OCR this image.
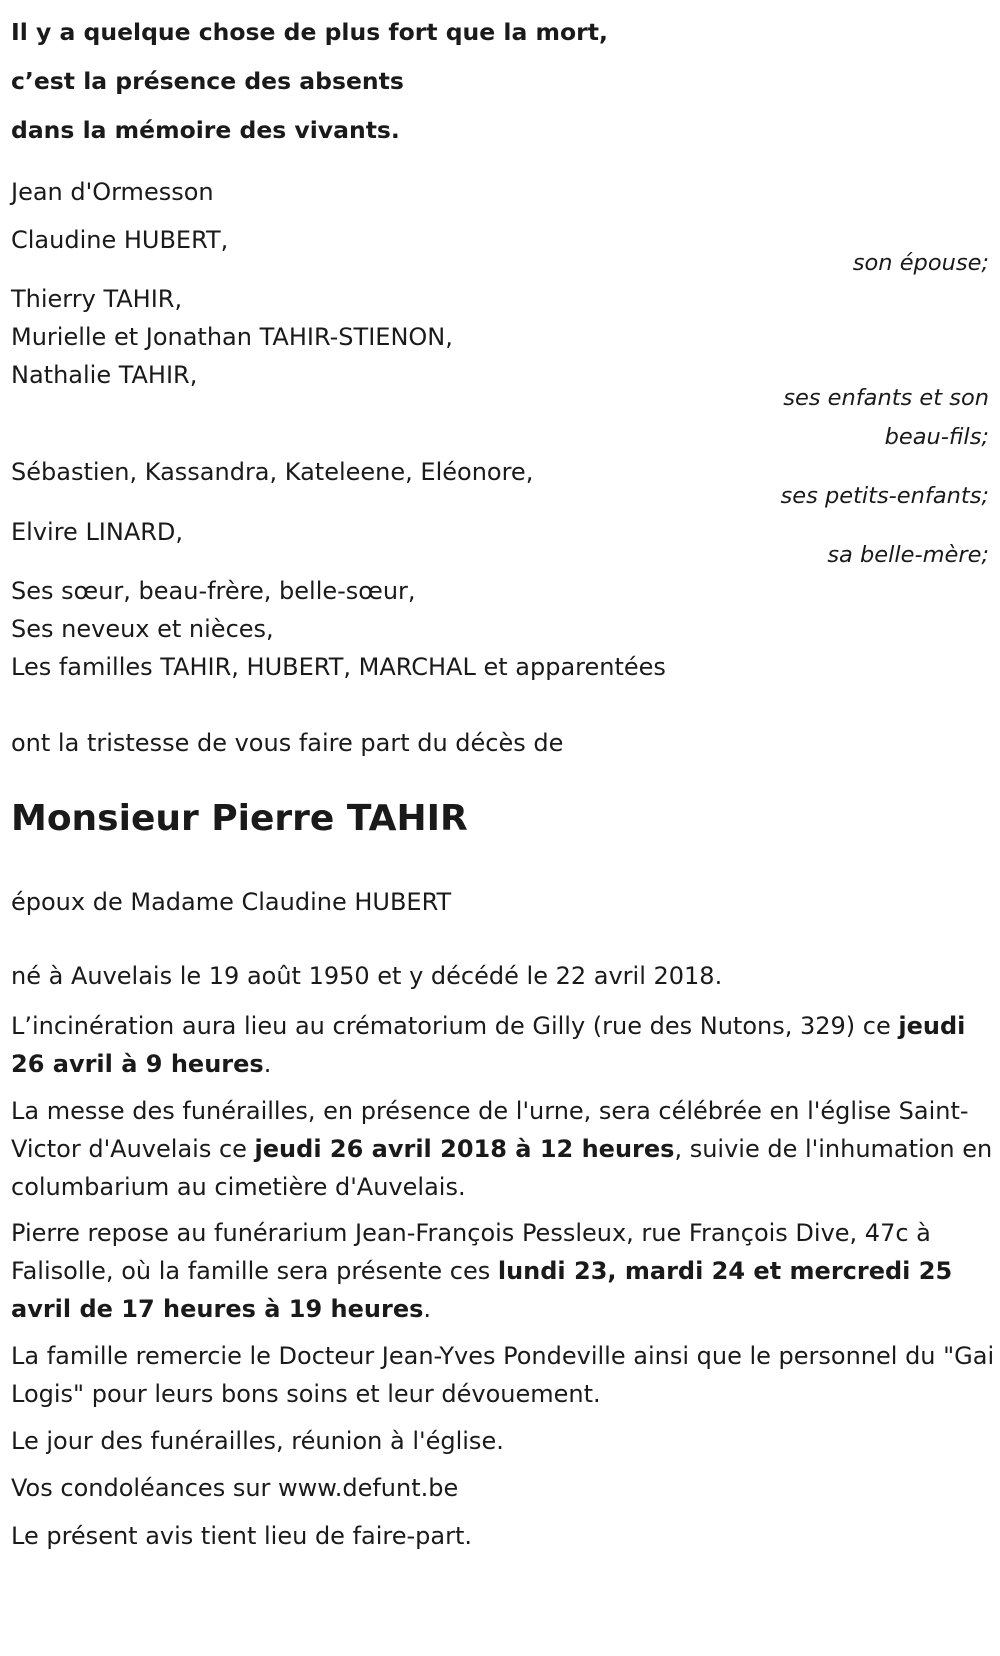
Il y a quelque chose de plus fort que la mort,
c’est la présence des absents
dans la mémoire des vivants.
Jean d'Ormesson
Claudine HUBERT,
son épouse;
Thierry TAHIR,
Murielle et Jonathan TAHIR-STIENON,
Nathalie TAHIR,
ses enfants et son
beau-fils;
Sébastien, Kassandra, Kateleene, Eléonore,
ses petits-enfants;
Elvire LINARD,
sa belle-mère;
Ses sœur, beau-frère, belle-sœur,
Ses neveux et nièces,
Les familles TAHIR, HUBERT, MARCHAL et apparentées
ont la tristesse de vous faire part du décès de
Monsieur Pierre TAHIR
époux de Madame Claudine HUBERT
né à Auvelais le 19 août 1950 et y décédé le 22 avril 2018.
L’incinération aura lieu au crématorium de Gilly (rue des Nutons, 329) ce jeudi 26 avril à 9 heures.
La messe des funérailles, en présence de l'urne, sera célébrée en l'église Saint-Victor d'Auvelais ce jeudi 26 avril 2018 à 12 heures, suivie de l'inhumation en columbarium au cimetière d'Auvelais.
Pierre repose au funérarium Jean-François Pessleux, rue François Dive, 47c à Falisolle, où la famille sera présente ces lundi 23, mardi 24 et mercredi 25 avril de 17 heures à 19 heures.
La famille remercie le Docteur Jean-Yves Pondeville ainsi que le personnel du "Gai Logis" pour leurs bons soins et leur dévouement.
Le jour des funérailles, réunion à l'église.
Vos condoléances sur www.defunt.be
Le présent avis tient lieu de faire-part.
